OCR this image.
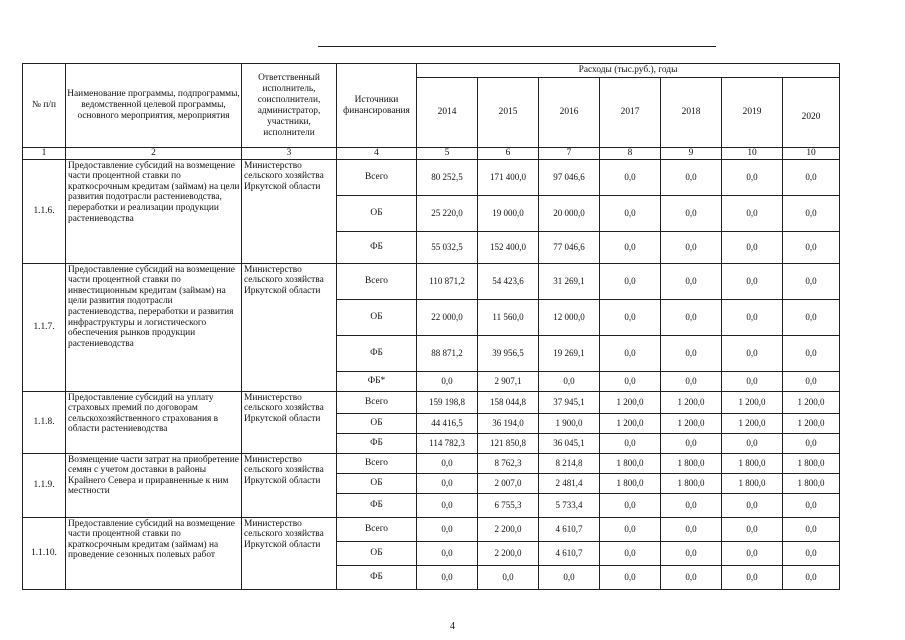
№ п/п	Наименование программы, подпрограммы, ведомственной целевой программы, основного мероприятия, мероприятия	Ответственный исполнитель, соисполнители, администратор, участники, исполнители	Источники финансирования	Расходы (тыс.руб.), годы						
				2014	2015	2016	2017	2018	2019	2020
1	2	3	4	5	6	7	8	9	10	10
1.1.6.	Предоставление субсидий на возмещение части процентной ставки по краткосрочным кредитам (займам) на цели развития подотрасли растениеводства, переработки и реализации продукции растениеводства	Министерство сельского хозяйства Иркутской области	Всего	80 252,5	171 400,0	97 046,6	0,0	0,0	0,0	0,0
			ОБ	25 220,0	19 000,0	20 000,0	0,0	0,0	0,0	0,0
			ФБ	55 032,5	152 400,0	77 046,6	0,0	0,0	0,0	0,0
1.1.7.	Предоставление субсидий на возмещение части процентной ставки по инвестиционным кредитам (займам) на цели развития подотрасли растениеводства, переработки и развития инфраструктуры и логистического обеспечения рынков продукции растениеводства	Министерство сельского хозяйства Иркутской области	Всего	110 871,2	54 423,6	31 269,1	0,0	0,0	0,0	0,0
			ОБ	22 000,0	11 560,0	12 000,0	0,0	0,0	0,0	0,0
			ФБ	88 871,2	39 956,5	19 269,1	0,0	0,0	0,0	0,0
			ФБ*	0,0	2 907,1	0,0	0,0	0,0	0,0	0,0
1.1.8.	Предоставление субсидий на уплату страховых премий по договорам сельскохозяйственного страхования в области растениеводства	Министерство сельского хозяйства Иркутской области	Всего	159 198,8	158 044,8	37 945,1	1 200,0	1 200,0	1 200,0	1 200,0
			ОБ	44 416,5	36 194,0	1 900,0	1 200,0	1 200,0	1 200,0	1 200,0
			ФБ	114 782,3	121 850,8	36 045,1	0,0	0,0	0,0	0,0
1.1.9.	Возмещение части затрат на приобретение семян с учетом доставки в районы Крайнего Севера и приравненные к ним местности	Министерство сельского хозяйства Иркутской области	Всего	0,0	8 762,3	8 214,8	1 800,0	1 800,0	1 800,0	1 800,0
			ОБ	0,0	2 007,0	2 481,4	1 800,0	1 800,0	1 800,0	1 800,0
			ФБ	0,0	6 755,3	5 733,4	0,0	0,0	0,0	0,0
1.1.10.	Предоставление субсидий на возмещение части процентной ставки по краткосрочным кредитам (займам) на проведение сезонных полевых работ	Министерство сельского хозяйства Иркутской области	Всего	0,0	2 200,0	4 610,7	0,0	0,0	0,0	0,0
			ОБ	0,0	2 200,0	4 610,7	0,0	0,0	0,0	0,0
			ФБ	0,0	0,0	0,0	0,0	0,0	0,0	0,0
4
